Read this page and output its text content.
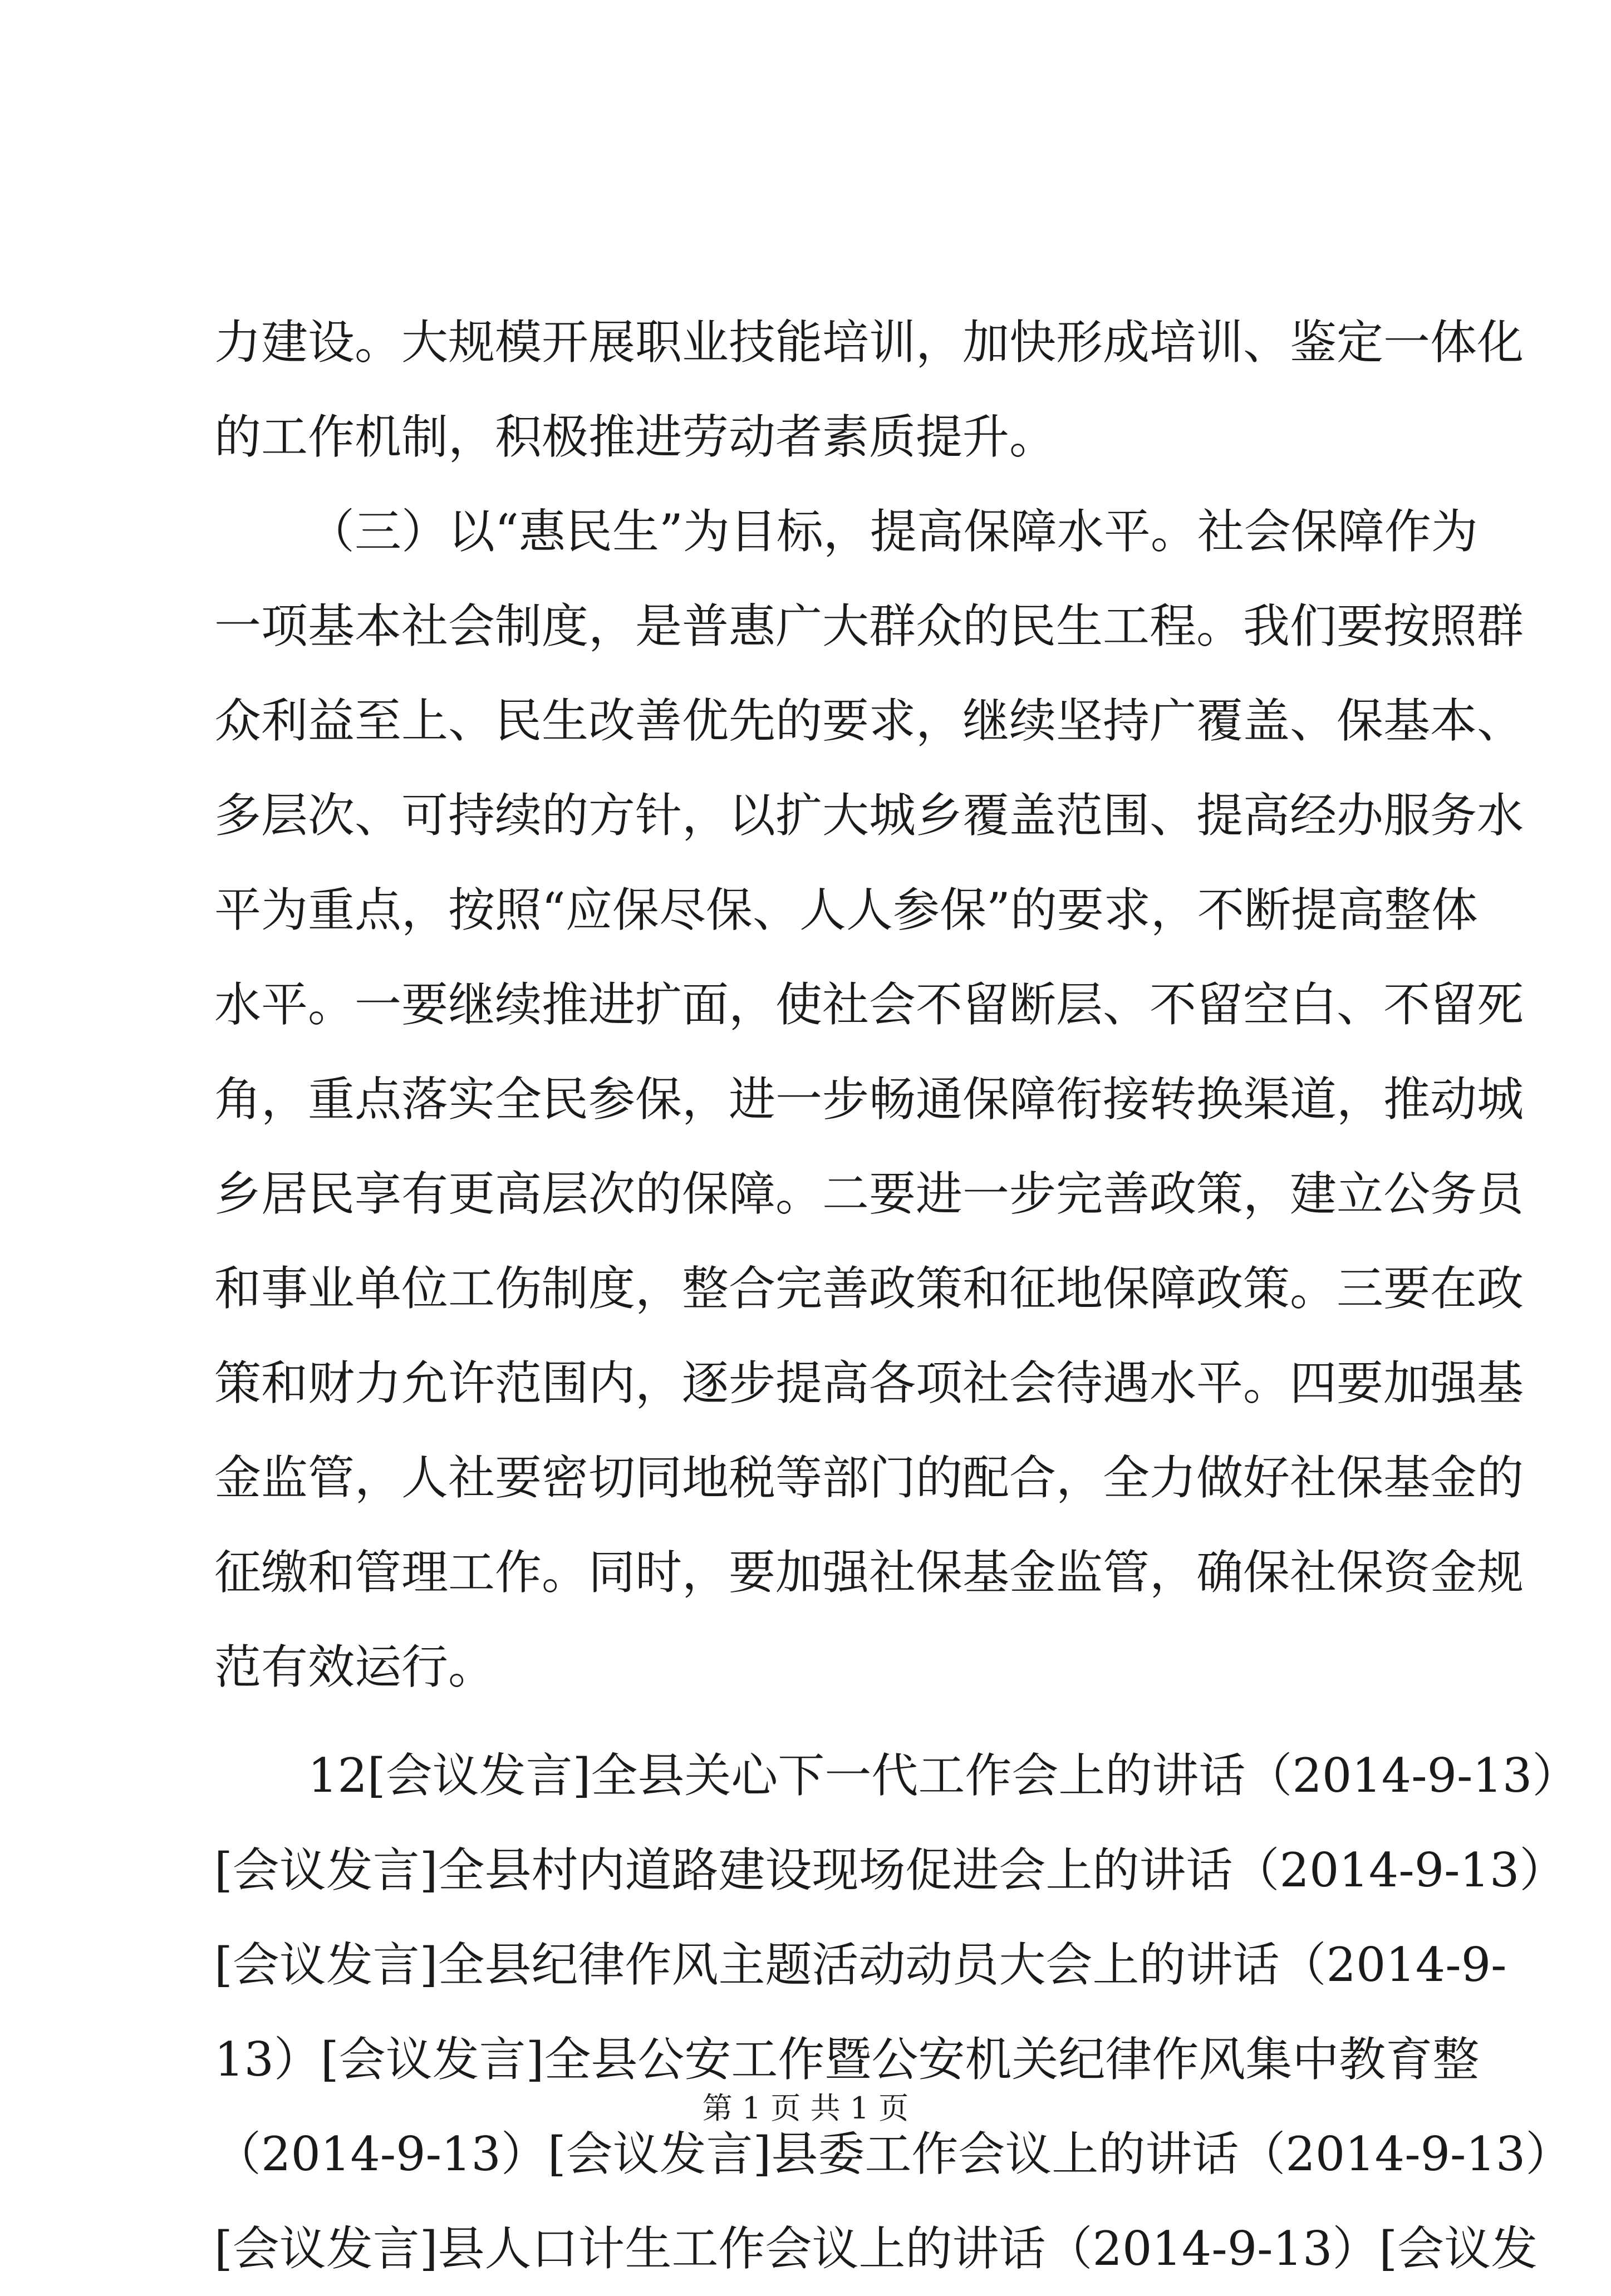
力建设。大规模开展职业技能培训，加快形成培训、鉴定一体化
的工作机制，积极推进劳动者素质提升。
（三）以“惠民生”为目标，提高保障水平。社会保障作为
一项基本社会制度，是普惠广大群众的民生工程。我们要按照群
众利益至上、民生改善优先的要求，继续坚持广覆盖、保基本、
多层次、可持续的方针，以扩大城乡覆盖范围、提高经办服务水
平为重点，按照“应保尽保、人人参保”的要求，不断提高整体
水平。一要继续推进扩面，使社会不留断层、不留空白、不留死
角，重点落实全民参保，进一步畅通保障衔接转换渠道，推动城
乡居民享有更高层次的保障。二要进一步完善政策，建立公务员
和事业单位工伤制度，整合完善政策和征地保障政策。三要在政
策和财力允许范围内，逐步提高各项社会待遇水平。四要加强基
金监管，人社要密切同地税等部门的配合，全力做好社保基金的
征缴和管理工作。同时，要加强社保基金监管，确保社保资金规
范有效运行。
12[会议发言]全县关心下一代工作会上的讲话（2014-9-13）
[会议发言]全县村内道路建设现场促进会上的讲话（2014-9-13）
[会议发言]全县纪律作风主题活动动员大会上的讲话（2014-9-
13）[会议发言]全县公安工作暨公安机关纪律作风集中教育整
（2014-9-13）[会议发言]县委工作会议上的讲话（2014-9-13）
[会议发言]县人口计生工作会议上的讲话（2014-9-13）[会议发
第 1 页 共 1 页
